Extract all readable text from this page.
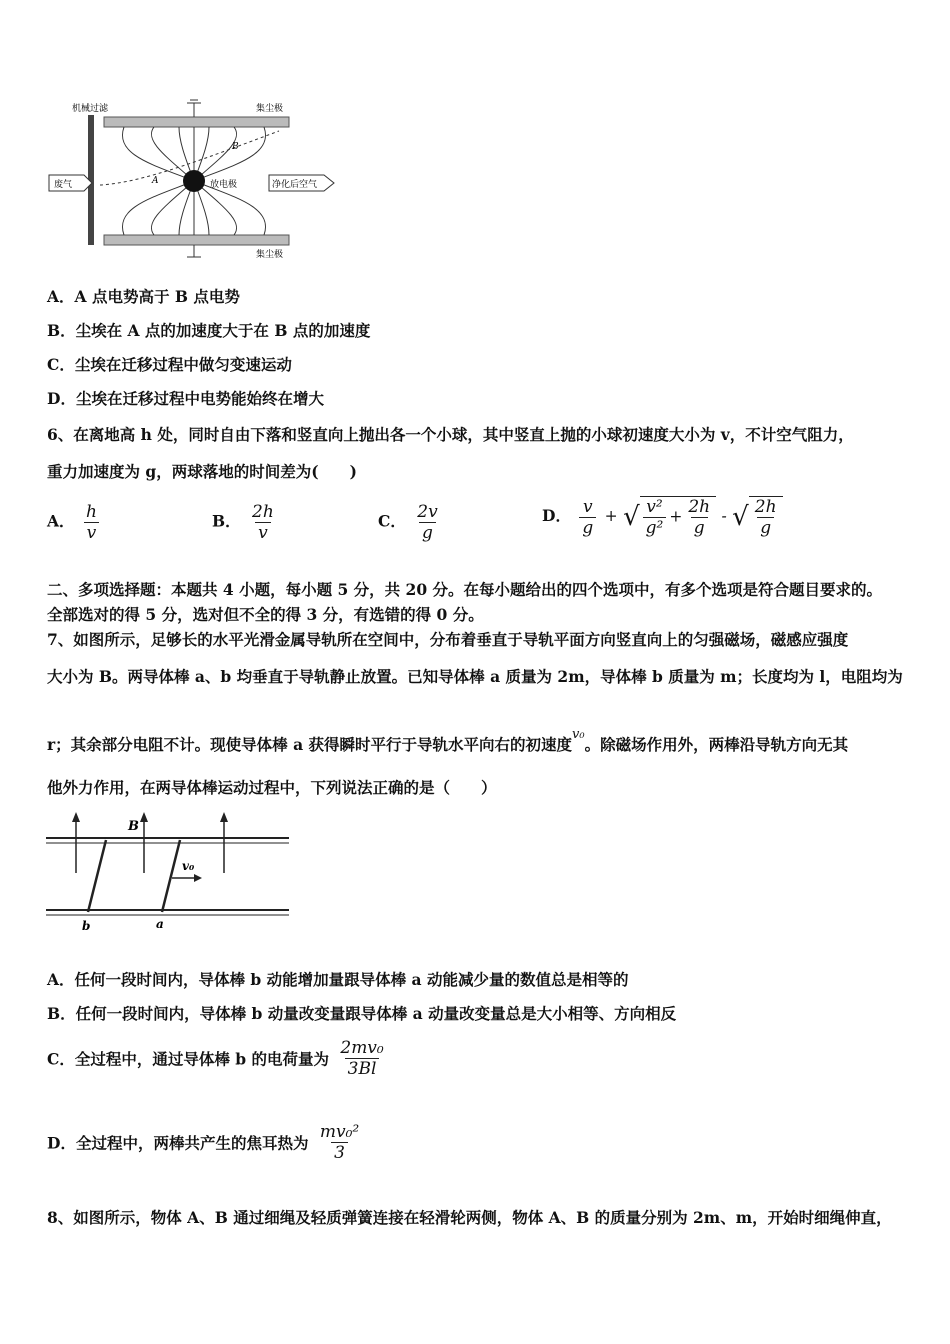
机械过滤	集尘极
集尘极
废气	净化后空气
放电极
A
B
A．A 点电势高于 B 点电势
B．尘埃在 A 点的加速度大于在 B 点的加速度
C．尘埃在迁移过程中做匀变速运动
D．尘埃在迁移过程中电势能始终在增大
6、在离地高 h 处，同时自由下落和竖直向上抛出各一个小球，其中竖直上抛的小球初速度大小为 v，不计空气阻力，
重力加速度为 g，两球落地的时间差为(　　)
A． $\frac{h}{v}$	B． $\frac{2h}{v}$	C． $\frac{2v}{g}$	D． $\frac{v}{g}$ + √ $\frac{\text{v²}}{\text{g²}} + \frac{2h}{g}$ - √ $\frac{2h}{g}$
二、多项选择题：本题共 4 小题，每小题 5 分，共 20 分。在每小题给出的四个选项中，有多个选项是符合题目要求的。
全部选对的得 5 分，选对但不全的得 3 分，有选错的得 0 分。
7、如图所示，足够长的水平光滑金属导轨所在空间中，分布着垂直于导轨平面方向竖直向上的匀强磁场，磁感应强度
大小为 B。两导体棒 a、b 均垂直于导轨静止放置。已知导体棒 a 质量为 2m，导体棒 b 质量为 m；长度均为 l，电阻均为
r；其余部分电阻不计。现使导体棒 a 获得瞬时平行于导轨水平向右的初速度$^{v_0}$。除磁场作用外，两棒沿导轨方向无其
他外力作用，在两导体棒运动过程中，下列说法正确的是（　　）
B
v₀
b	a
A．任何一段时间内，导体棒 b 动能增加量跟导体棒 a 动能减少量的数值总是相等的
B．任何一段时间内，导体棒 b 动量改变量跟导体棒 a 动量改变量总是大小相等、方向相反
C．全过程中，通过导体棒 b 的电荷量为 $\frac{\text{2mv₀}}{3Bl}$
D．全过程中，两棒共产生的焦耳热为 $\frac{\text{mv₀²}}{3}$
8、如图所示，物体 A、B 通过细绳及轻质弹簧连接在轻滑轮两侧，物体 A、B 的质量分别为 2m、m，开始时细绳伸直，
